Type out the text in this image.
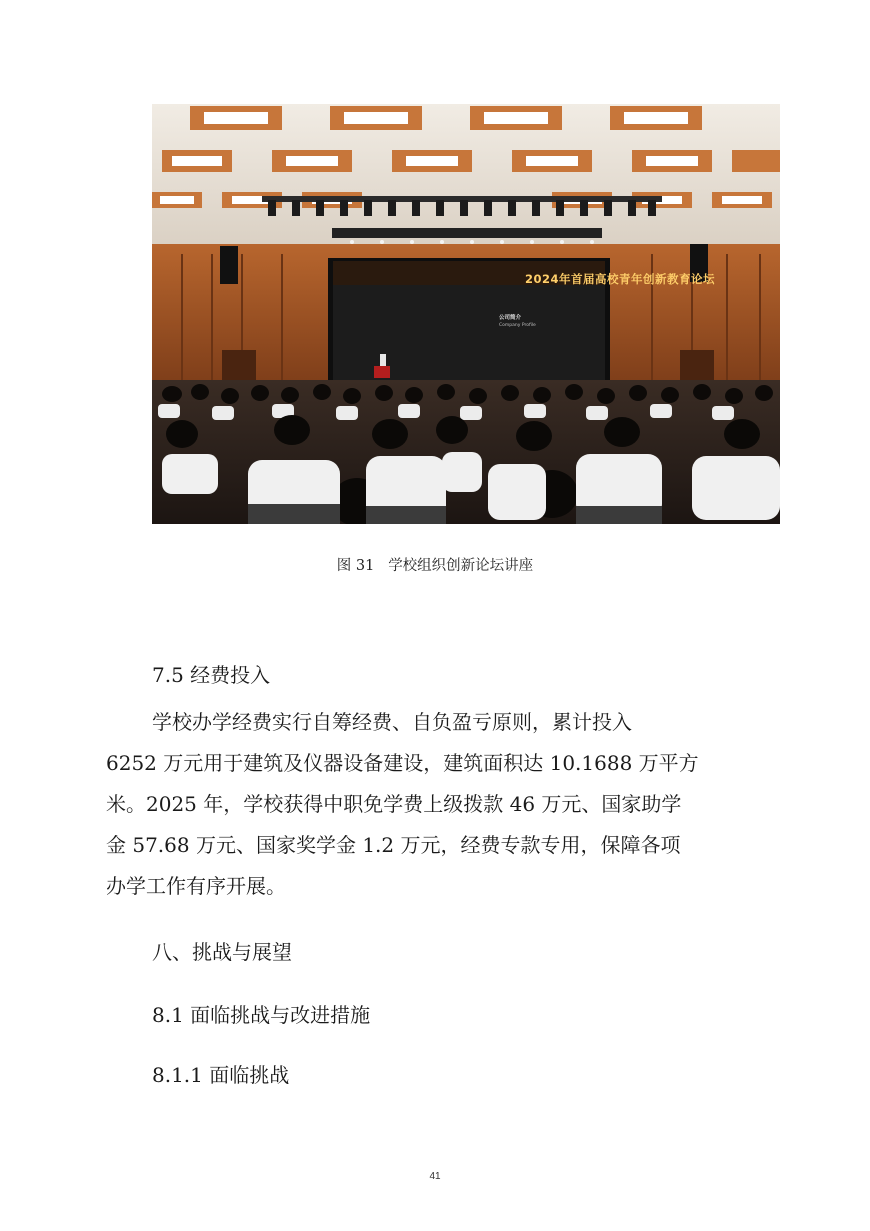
2024年首届高校青年创新教育论坛
公司简介
Company Profile
图 31 学校组织创新论坛讲座
7.5 经费投入
学校办学经费实行自筹经费、自负盈亏原则，累计投入
6252 万元用于建筑及仪器设备建设，建筑面积达 10.1688 万平方
米。2025 年，学校获得中职免学费上级拨款 46 万元、国家助学
金 57.68 万元、国家奖学金 1.2 万元，经费专款专用，保障各项
办学工作有序开展。
八、挑战与展望
8.1 面临挑战与改进措施
8.1.1 面临挑战
41
